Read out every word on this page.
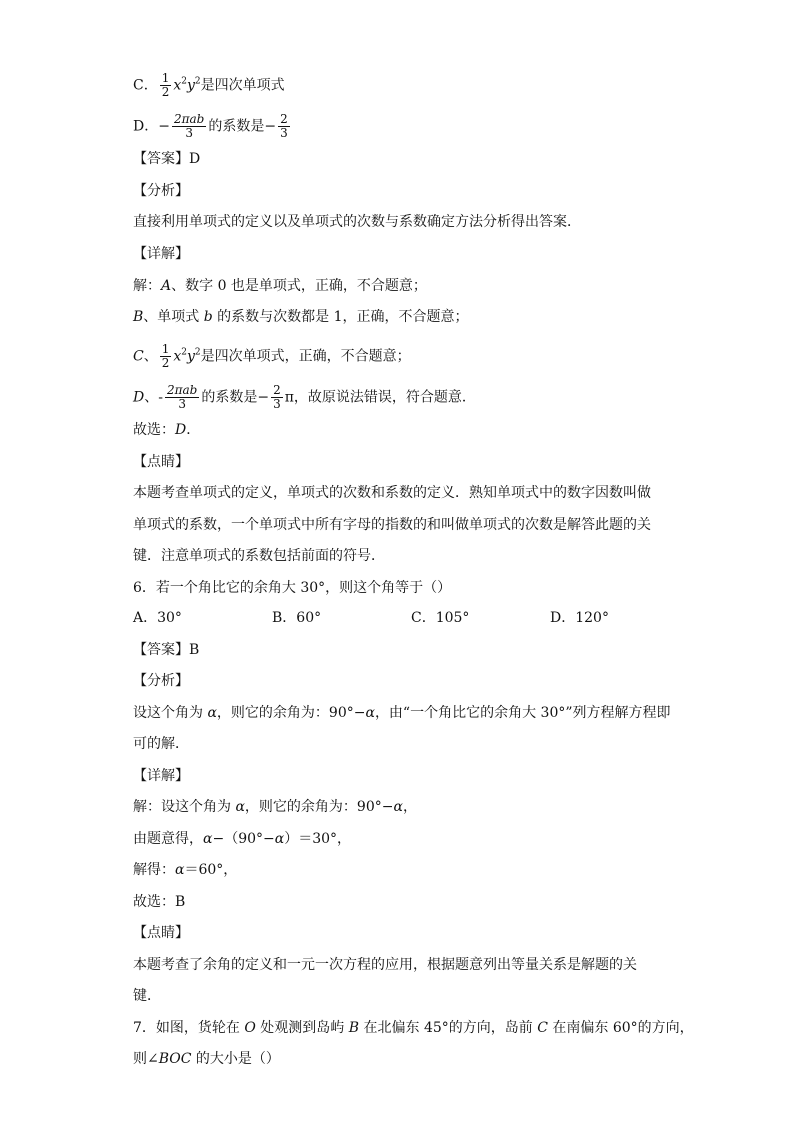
C． $\frac{1}{2} x^2y^2$是四次单项式
D．− $\frac{\text{2πab}}{3}$ 的系数是− $\frac{2}{3}$
【答案】D
【分析】
直接利用单项式的定义以及单项式的次数与系数确定方法分析得出答案．
【详解】
解：A、数字 0 也是单项式，正确，不合题意；
B、单项式 b 的系数与次数都是 1，正确，不合题意；
C、 $\frac{1}{2} x^2y^2$是四次单项式，正确，不合题意；
D、- $\frac{\text{2πab}}{3}$ 的系数是− $\frac{2}{3}$ π，故原说法错误，符合题意．
故选：D．
【点睛】
本题考查单项式的定义，单项式的次数和系数的定义．熟知单项式中的数字因数叫做
单项式的系数，一个单项式中所有字母的指数的和叫做单项式的次数是解答此题的关
键．注意单项式的系数包括前面的符号．
6．若一个角比它的余角大 30°，则这个角等于（）
A．30°	B．60°	C．105°	D．120°
【答案】B
【分析】
设这个角为 α，则它的余角为：90°−α，由“一个角比它的余角大 30°”列方程解方程即
可的解．
【详解】
解：设这个角为 α，则它的余角为：90°−α，
由题意得，α−（90°−α）＝30°，
解得：α＝60°，
故选：B
【点睛】
本题考查了余角的定义和一元一次方程的应用，根据题意列出等量关系是解题的关
键．
7．如图，货轮在 O 处观测到岛屿 B 在北偏东 45°的方向，岛前 C 在南偏东 60°的方向，
则∠BOC 的大小是（）
